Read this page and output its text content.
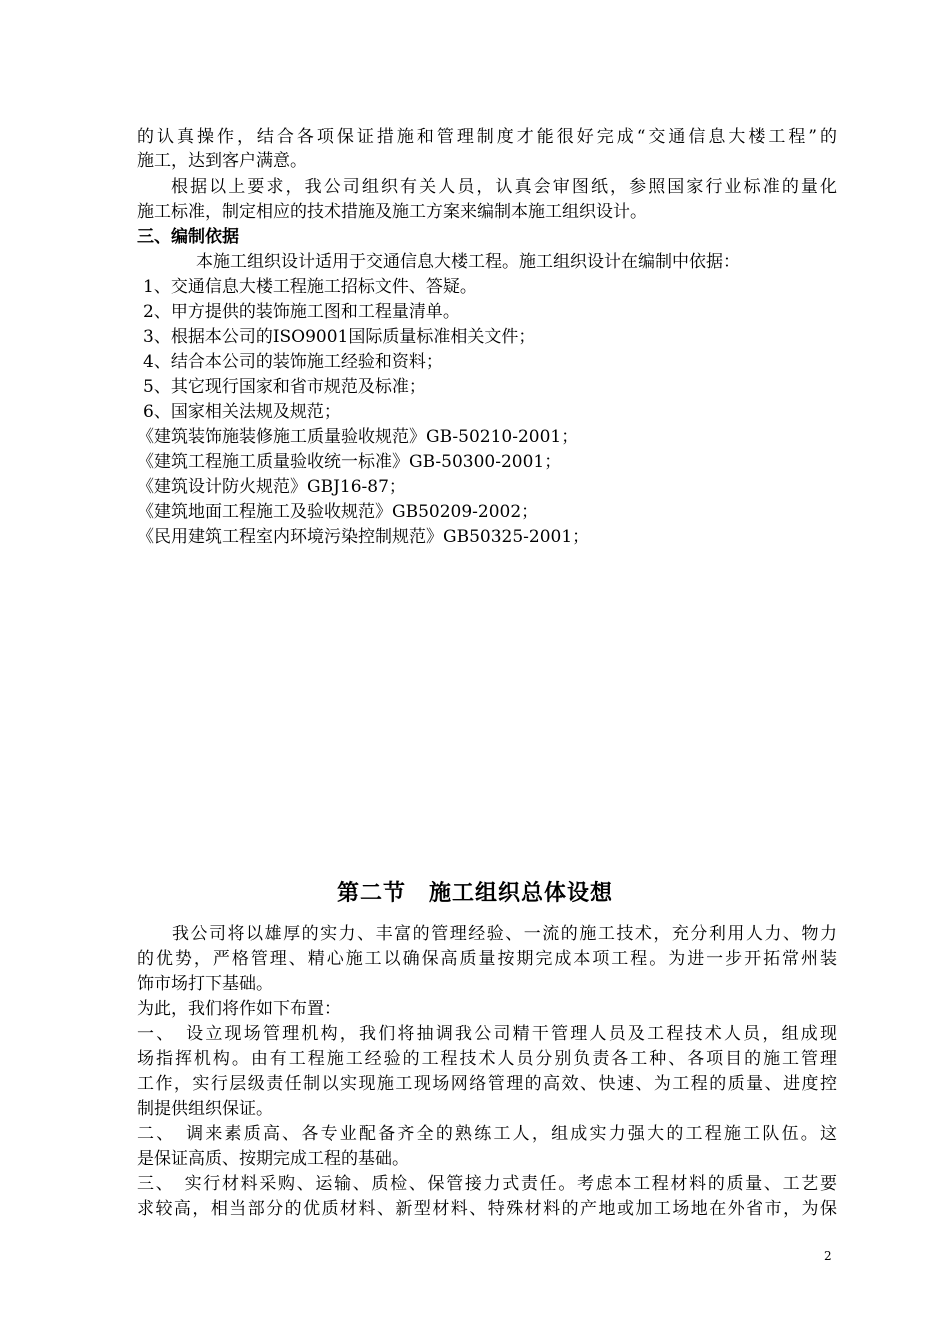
的认真操作，结合各项保证措施和管理制度才能很好完成“交通信息大楼工程”的
施工，达到客户满意。
根据以上要求，我公司组织有关人员，认真会审图纸，参照国家行业标准的量化
施工标准，制定相应的技术措施及施工方案来编制本施工组织设计。
三、编制依据
本施工组织设计适用于交通信息大楼工程。施工组织设计在编制中依据：
1、交通信息大楼工程施工招标文件、答疑。
2、甲方提供的装饰施工图和工程量清单。
3、根据本公司的ISO9001国际质量标准相关文件；
4、结合本公司的装饰施工经验和资料；
5、其它现行国家和省市规范及标准；
6、国家相关法规及规范；
《建筑装饰施装修施工质量验收规范》GB-50210-2001；
《建筑工程施工质量验收统一标准》GB-50300-2001；
《建筑设计防火规范》GBJ16-87；
《建筑地面工程施工及验收规范》GB50209-2002；
《民用建筑工程室内环境污染控制规范》GB50325-2001；
第二节　施工组织总体设想
我公司将以雄厚的实力、丰富的管理经验、一流的施工技术，充分利用人力、物力
的优势，严格管理、精心施工以确保高质量按期完成本项工程。为进一步开拓常州装
饰市场打下基础。
为此，我们将作如下布置：
一、　设立现场管理机构，我们将抽调我公司精干管理人员及工程技术人员，组成现
场指挥机构。由有工程施工经验的工程技术人员分别负责各工种、各项目的施工管理
工作，实行层级责任制以实现施工现场网络管理的高效、快速、为工程的质量、进度控
制提供组织保证。
二、　调来素质高、各专业配备齐全的熟练工人，组成实力强大的工程施工队伍。这
是保证高质、按期完成工程的基础。
三、　实行材料采购、运输、质检、保管接力式责任。考虑本工程材料的质量、工艺要
求较高，相当部分的优质材料、新型材料、特殊材料的产地或加工场地在外省市，为保
2
